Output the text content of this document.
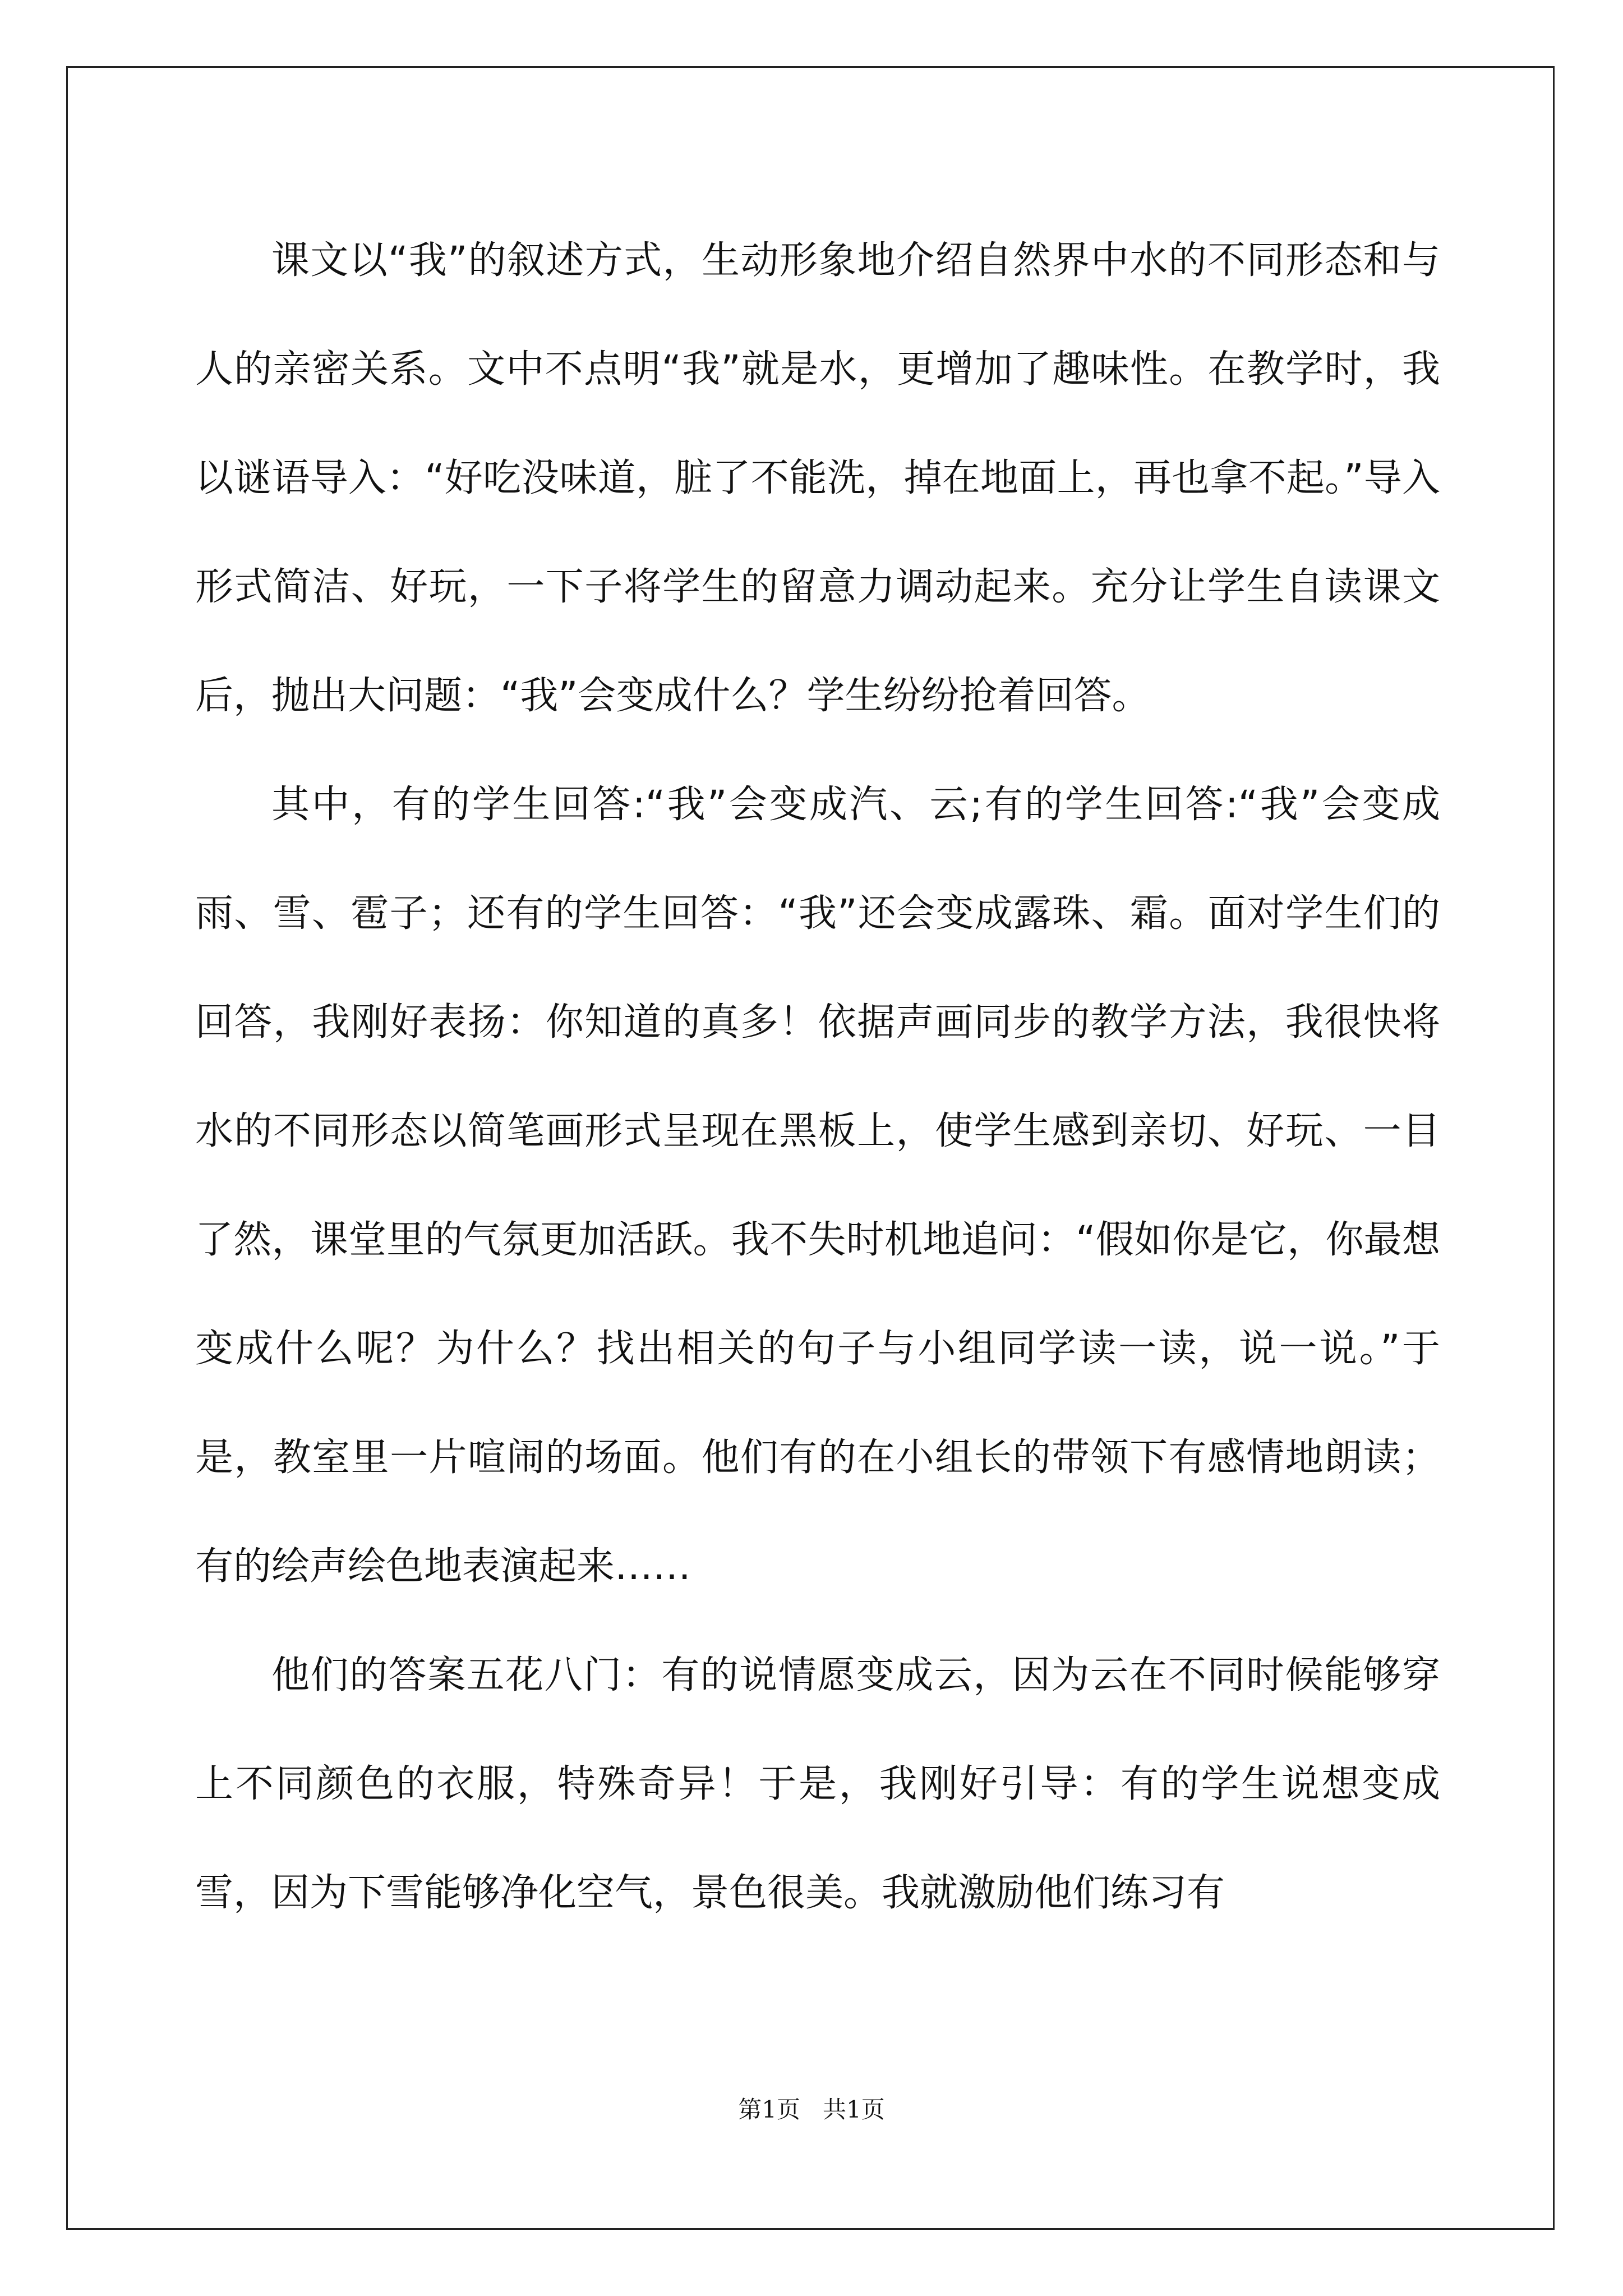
课文以“我”的叙述方式，生动形象地介绍自然界中水的不同形态和与人的亲密关系。文中不点明“我”就是水，更增加了趣味性。在教学时，我以谜语导入：“好吃没味道，脏了不能洗，掉在地面上，再也拿不起。”导入形式简洁、好玩，一下子将学生的留意力调动起来。充分让学生自读课文后，抛出大问题：“我”会变成什么？学生纷纷抢着回答。

其中，有的学生回答:“我”会变成汽、云;有的学生回答:“我”会变成雨、雪、雹子；还有的学生回答：“我”还会变成露珠、霜。面对学生们的回答，我刚好表扬：你知道的真多！依据声画同步的教学方法，我很快将水的不同形态以简笔画形式呈现在黑板上，使学生感到亲切、好玩、一目了然，课堂里的气氛更加活跃。我不失时机地追问：“假如你是它，你最想变成什么呢？为什么？找出相关的句子与小组同学读一读，说一说。”于是，教室里一片喧闹的场面。他们有的在小组长的带领下有感情地朗读；有的绘声绘色地表演起来……

他们的答案五花八门：有的说情愿变成云，因为云在不同时候能够穿上不同颜色的衣服，特殊奇异！于是，我刚好引导：有的学生说想变成雪，因为下雪能够净化空气，景色很美。我就激励他们练习有

第1页   共1页
